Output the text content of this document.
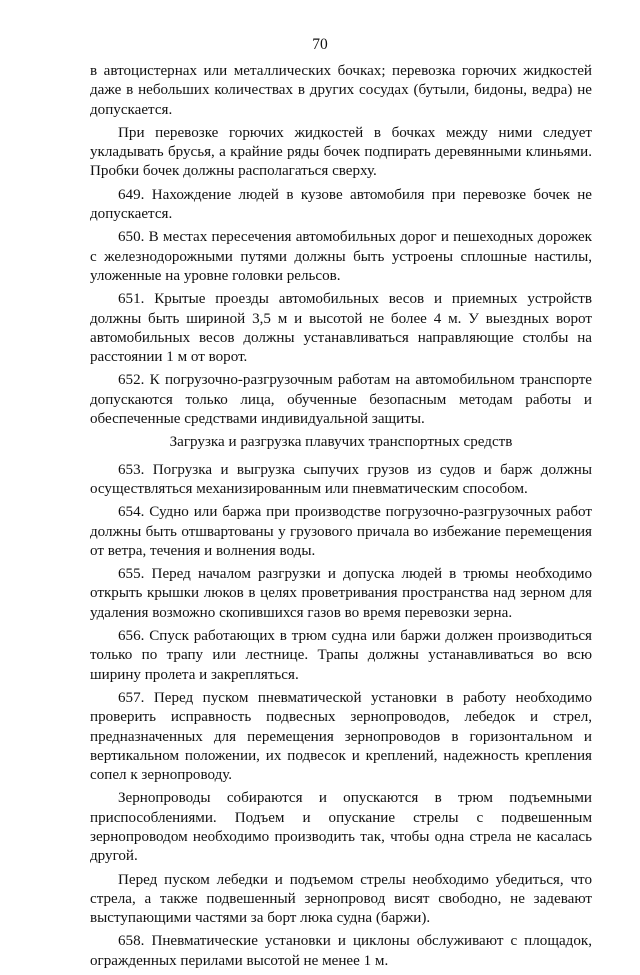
70

в автоцистернах или металлических бочках; перевозка горючих жидкостей даже в небольших количествах в других сосудах (бутыли, бидоны, ведра) не допускается.

При перевозке горючих жидкостей в бочках между ними следует укладывать брусья, а крайние ряды бочек подпирать деревянными клиньями. Пробки бочек должны располагаться сверху.

649. Нахождение людей в кузове автомобиля при перевозке бочек не допускается.

650. В местах пересечения автомобильных дорог и пешеходных дорожек с железнодорожными путями должны быть устроены сплошные настилы, уложенные на уровне головки рельсов.

651. Крытые проезды автомобильных весов и приемных устройств должны быть шириной 3,5 м и высотой не более 4 м. У выездных ворот автомобильных весов должны устанавливаться направляющие столбы на расстоянии 1 м от ворот.

652. К погрузочно-разгрузочным работам на автомобильном транспорте допускаются только лица, обученные безопасным методам работы и обеспеченные средствами индивидуальной защиты.

Загрузка и разгрузка плавучих транспортных средств

653. Погрузка и выгрузка сыпучих грузов из судов и барж должны осуществляться механизированным или пневматическим способом.

654. Судно или баржа при производстве погрузочно-разгрузочных работ должны быть отшвартованы у грузового причала во избежание перемещения от ветра, течения и волнения воды.

655. Перед началом разгрузки и допуска людей в трюмы необходимо открыть крышки люков в целях проветривания пространства над зерном для удаления возможно скопившихся газов во время перевозки зерна.

656. Спуск работающих в трюм судна или баржи должен производиться только по трапу или лестнице. Трапы должны устанавливаться во всю ширину пролета и закрепляться.

657. Перед пуском пневматической установки в работу необходимо проверить исправность подвесных зернопроводов, лебедок и стрел, предназначенных для перемещения зернопроводов в горизонтальном и вертикальном положении, их подвесок и креплений, надежность крепления сопел к зернопроводу.

Зернопроводы собираются и опускаются в трюм подъемными приспособлениями. Подъем и опускание стрелы с подвешенным зернопроводом необходимо производить так, чтобы одна стрела не касалась другой.

Перед пуском лебедки и подъемом стрелы необходимо убедиться, что стрела, а также подвешенный зернопровод висят свободно, не задевают выступающими частями за борт люка судна (баржи).

658. Пневматические установки и циклоны обслуживают с площадок, огражденных перилами высотой не менее 1 м.
